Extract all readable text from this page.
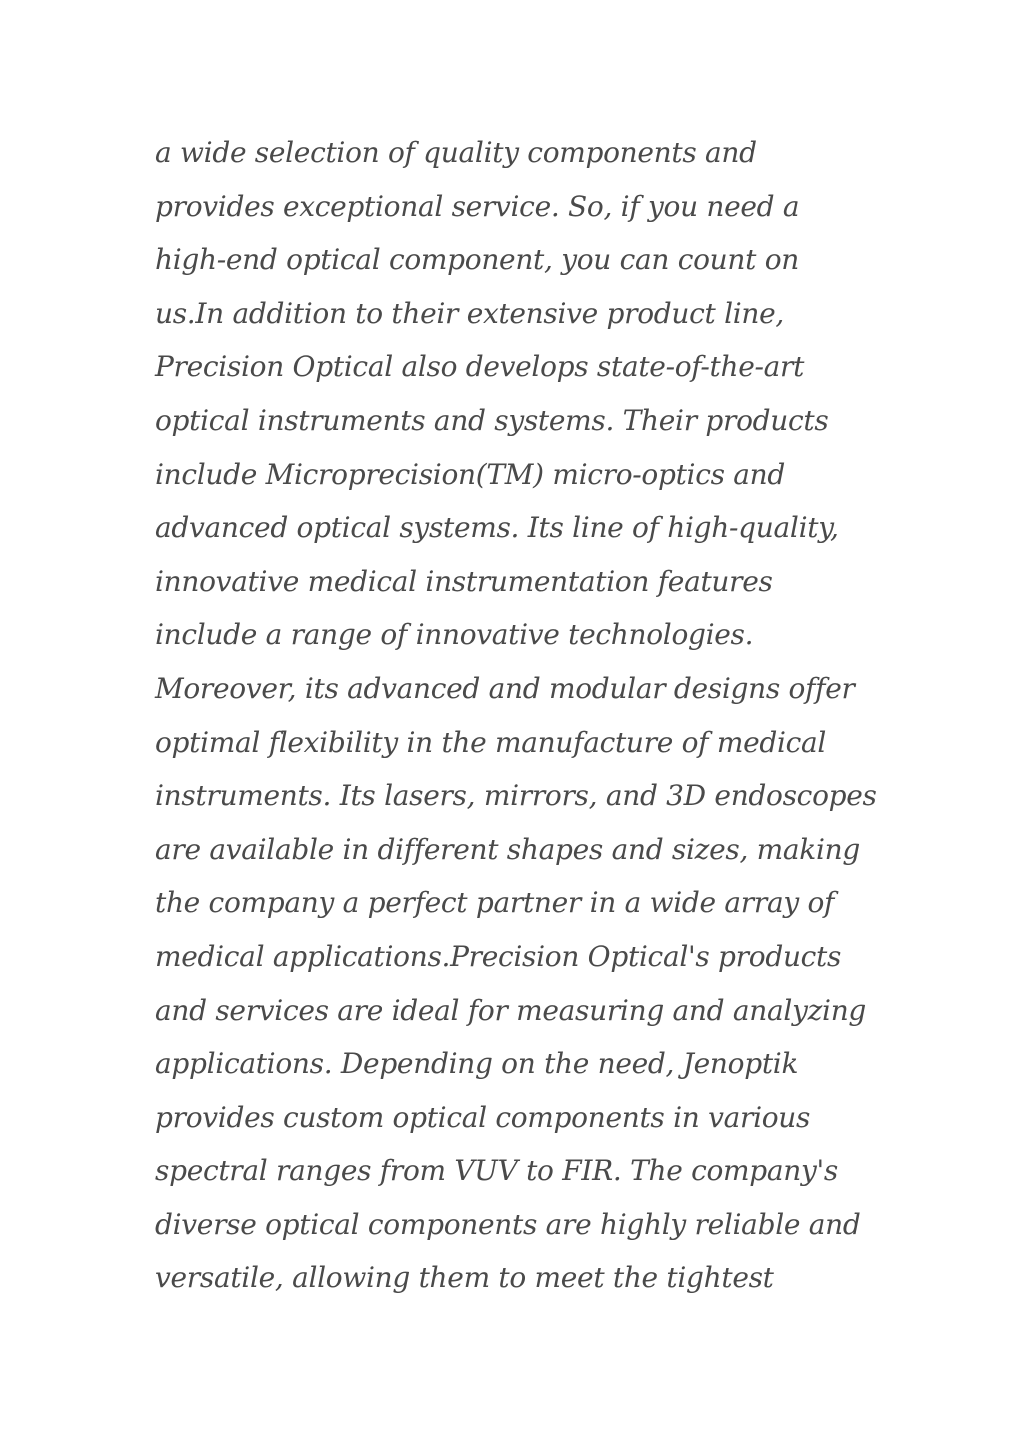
a wide selection of quality components and
provides exceptional service. So, if you need a
high-end optical component, you can count on
us.In addition to their extensive product line,
Precision Optical also develops state-of-the-art
optical instruments and systems. Their products
include Microprecision(TM) micro-optics and
advanced optical systems. Its line of high-quality,
innovative medical instrumentation features
include a range of innovative technologies.
Moreover, its advanced and modular designs offer
optimal flexibility in the manufacture of medical
instruments. Its lasers, mirrors, and 3D endoscopes
are available in different shapes and sizes, making
the company a perfect partner in a wide array of
medical applications.Precision Optical's products
and services are ideal for measuring and analyzing
applications. Depending on the need, Jenoptik
provides custom optical components in various
spectral ranges from VUV to FIR. The company's
diverse optical components are highly reliable and
versatile, allowing them to meet the tightest
